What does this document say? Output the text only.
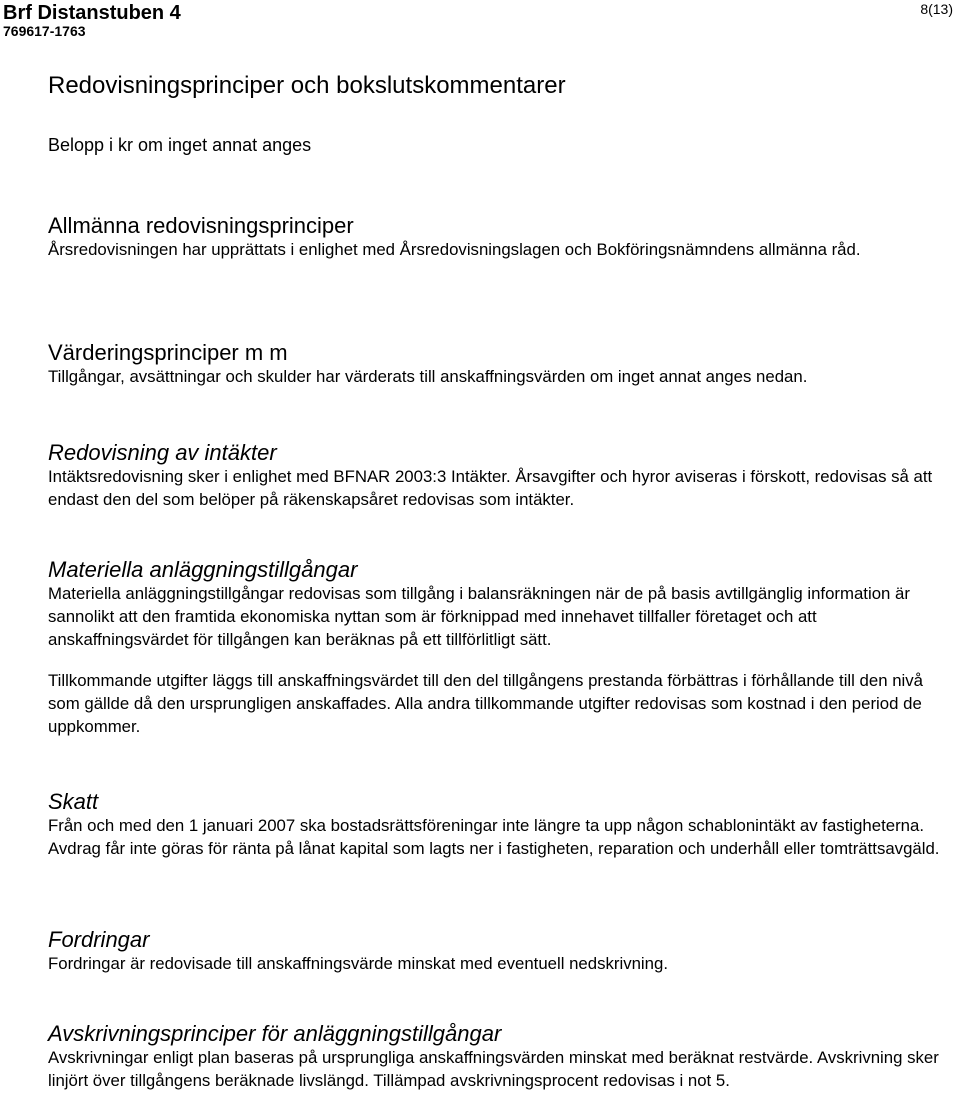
Brf Distanstuben 4
769617-1763
8(13)
Redovisningsprinciper och bokslutskommentarer
Belopp i kr om inget annat anges
Allmänna redovisningsprinciper

Årsredovisningen har upprättats i enlighet med Årsredovisningslagen och Bokföringsnämndens allmänna råd.

Värderingsprinciper m m

Tillgångar, avsättningar och skulder har värderats till anskaffningsvärden om inget annat anges nedan.

Redovisning av intäkter

Intäktsredovisning sker i enlighet med BFNAR 2003:3 Intäkter. Årsavgifter och hyror aviseras i förskott, redovisas så att endast den del som belöper på räkenskapsåret redovisas som intäkter.

Materiella anläggningstillgångar

Materiella anläggningstillgångar redovisas som tillgång i balansräkningen när de på basis avtillgänglig information är sannolikt att den framtida ekonomiska nyttan som är förknippad med innehavet tillfaller företaget och att anskaffningsvärdet för tillgången kan beräknas på ett tillförlitligt sätt.

Tillkommande utgifter läggs till anskaffningsvärdet till den del tillgångens prestanda förbättras i förhållande till den nivå som gällde då den ursprungligen anskaffades. Alla andra tillkommande utgifter redovisas som kostnad i den period de uppkommer.

Skatt

Från och med den 1 januari 2007 ska bostadsrättsföreningar inte längre ta upp någon schablonintäkt av fastigheterna. Avdrag får inte göras för ränta på lånat kapital som lagts ner i fastigheten, reparation och underhåll eller tomträttsavgäld.

Fordringar

Fordringar är redovisade till anskaffningsvärde minskat med eventuell nedskrivning.

Avskrivningsprinciper för anläggningstillgångar

Avskrivningar enligt plan baseras på ursprungliga anskaffningsvärden minskat med beräknat restvärde. Avskrivning sker linjört över tillgångens beräknade livslängd. Tillämpad avskrivningsprocent redovisas i not 5.
